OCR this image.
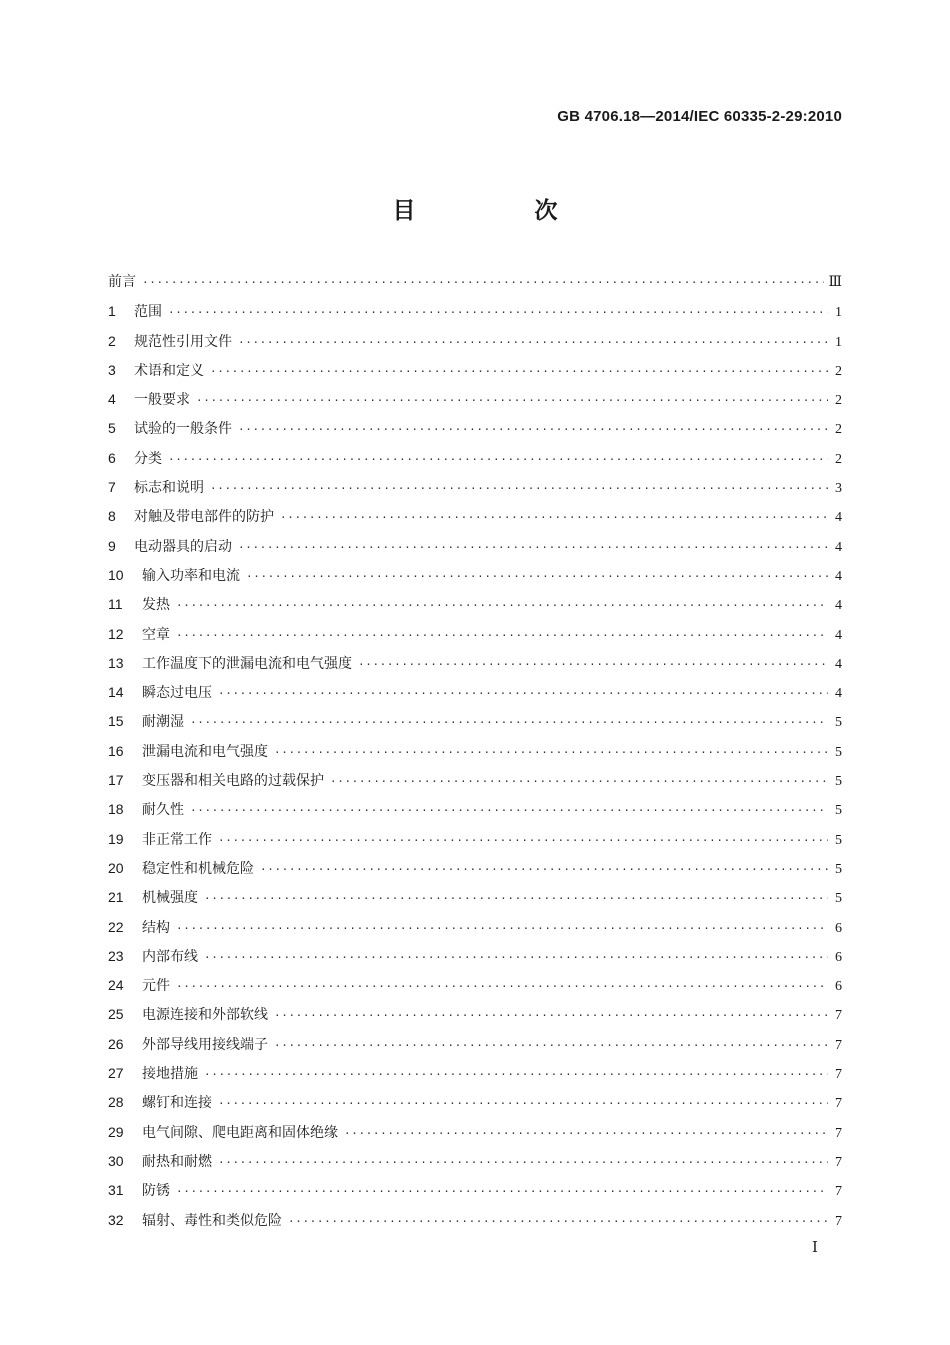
GB 4706.18—2014/IEC 60335-2-29:2010
目　次
前言 ·····	Ⅲ
1	范围 ·····	1
2	规范性引用文件 ·····	1
3	术语和定义 ·····	2
4	一般要求 ·····	2
5	试验的一般条件 ·····	2
6	分类 ·····	2
7	标志和说明 ·····	3
8	对触及带电部件的防护 ·····	4
9	电动器具的启动 ·····	4
10	输入功率和电流 ·····	4
11	发热 ·····	4
12	空章 ·····	4
13	工作温度下的泄漏电流和电气强度 ·····	4
14	瞬态过电压 ·····	4
15	耐潮湿 ·····	5
16	泄漏电流和电气强度 ·····	5
17	变压器和相关电路的过载保护 ·····	5
18	耐久性 ·····	5
19	非正常工作 ·····	5
20	稳定性和机械危险 ·····	5
21	机械强度 ·····	5
22	结构 ·····	6
23	内部布线 ·····	6
24	元件 ·····	6
25	电源连接和外部软线 ·····	7
26	外部导线用接线端子 ·····	7
27	接地措施 ·····	7
28	螺钉和连接 ·····	7
29	电气间隙、爬电距离和固体绝缘 ·····	7
30	耐热和耐燃 ·····	7
31	防锈 ·····	7
32	辐射、毒性和类似危险 ·····	7
Ⅰ
